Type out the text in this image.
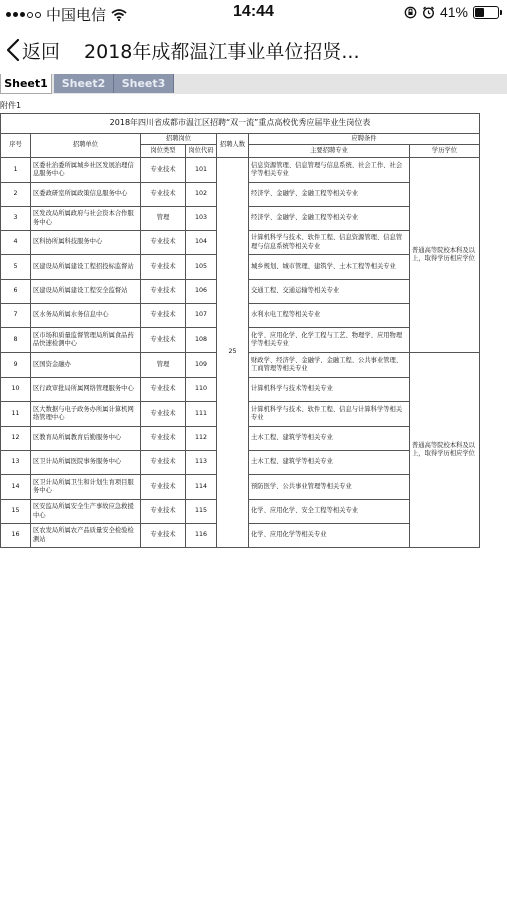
中国电信	14:44	41%
返回 2018年成都温江事业单位招贤...
Sheet1	Sheet2	Sheet3
附件1
2018年四川省成都市温江区招聘“双一流”重点高校优秀应届毕业生岗位表						
序号	招聘单位	招聘岗位		招聘人数	应聘条件	
		岗位类型	岗位代码		主要招聘专业	学历学位
1	区委社治委所属城乡社区发展治理信息服务中心	专业技术	101	25	信息资源管理、信息管理与信息系统、社会工作、社会学等相关专业	普通高等院校本科及以上，取得学历相应学位
2	区委政研室所属政策信息服务中心	专业技术	102		经济学、金融学、金融工程等相关专业	
3	区发改局所属政府与社会资本合作服务中心	管理	103		经济学、金融学、金融工程等相关专业	
4	区科协所属科技服务中心	专业技术	104		计算机科学与技术、软件工程、信息资源管理、信息管理与信息系统等相关专业	
5	区建设局所属建设工程招投标监督站	专业技术	105		城乡规划、城市管理、建筑学、土木工程等相关专业	
6	区建设局所属建设工程安全监督站	专业技术	106		交通工程、交通运输等相关专业	
7	区水务局所属水务信息中心	专业技术	107		水利水电工程等相关专业	
8	区市场和质量监督管理局所属食品药品快速检测中心	专业技术	108		化学、应用化学、化学工程与工艺、物理学、应用物理学等相关专业	
9	区国资金融办	管理	109		财政学、经济学、金融学、金融工程、公共事业管理、工商管理等相关专业	普通高等院校本科及以上，取得学历相应学位
10	区行政审批局所属网络管理服务中心	专业技术	110		计算机科学与技术等相关专业	
11	区大数据与电子政务办所属计算机网络管理中心	专业技术	111		计算机科学与技术、软件工程、信息与计算科学等相关专业	
12	区教育局所属教育后勤服务中心	专业技术	112		土木工程、建筑学等相关专业	
13	区卫计局所属医院事务服务中心	专业技术	113		土木工程、建筑学等相关专业	
14	区卫计局所属卫生和计划生育项目服务中心	专业技术	114		预防医学、公共事业管理等相关专业	
15	区安监局所属安全生产事故应急救援中心	专业技术	115		化学、应用化学、安全工程等相关专业	
16	区农发局所属农产品质量安全检验检测站	专业技术	116		化学、应用化学等相关专业	
